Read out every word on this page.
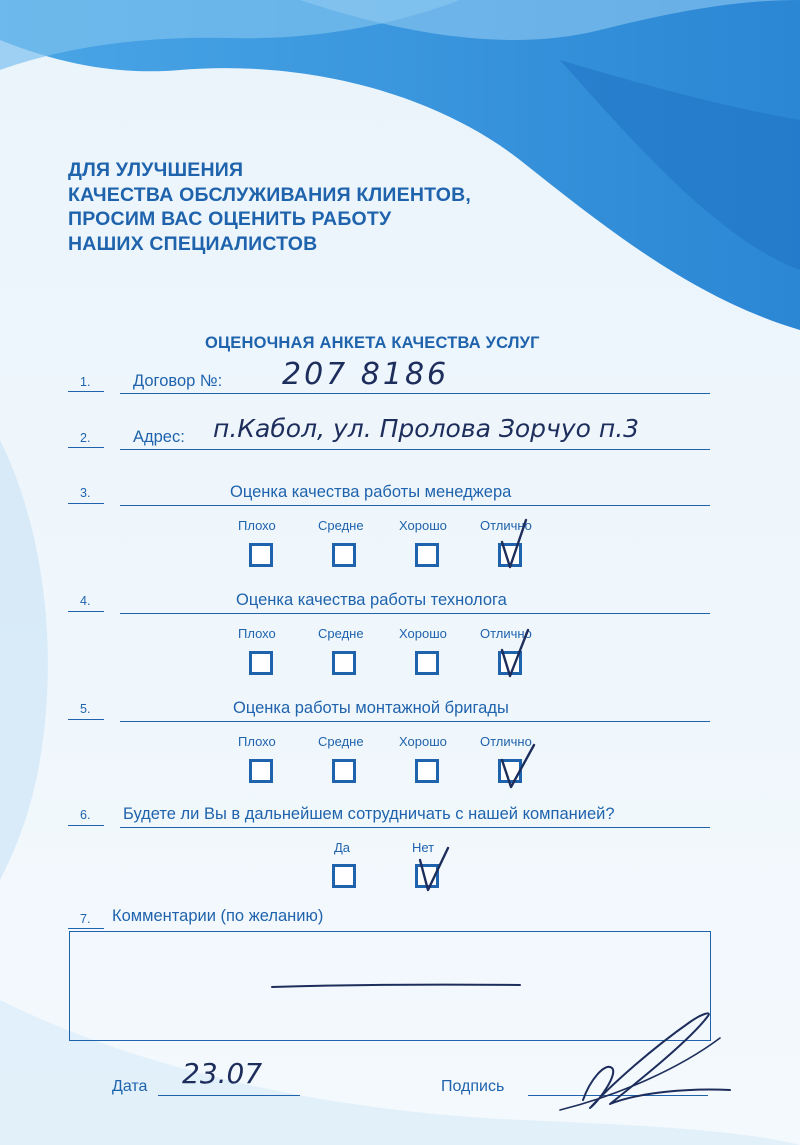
ДЛЯ УЛУЧШЕНИЯ
КАЧЕСТВА ОБСЛУЖИВАНИЯ КЛИЕНТОВ,
ПРОСИМ ВАС ОЦЕНИТЬ РАБОТУ
НАШИХ СПЕЦИАЛИСТОВ
ОЦЕНОЧНАЯ АНКЕТА КАЧЕСТВА УСЛУГ
1.	Договор №: 207 8186
2.	Адрес: п.Кабол, ул. Пролова Зорчуо п.3
3.	Оценка качества работы менеджера
Плохо	Средне	Хорошо	Отлично
4.	Оценка качества работы технолога
Плохо	Средне	Хорошо	Отлично
5.	Оценка работы монтажной бригады
Плохо	Средне	Хорошо	Отлично
6. Будете ли Вы в дальнейшем сотрудничать с нашей компанией?
Да	Нет
7. Комментарии (по желанию)
Дата 23.07	Подпись
